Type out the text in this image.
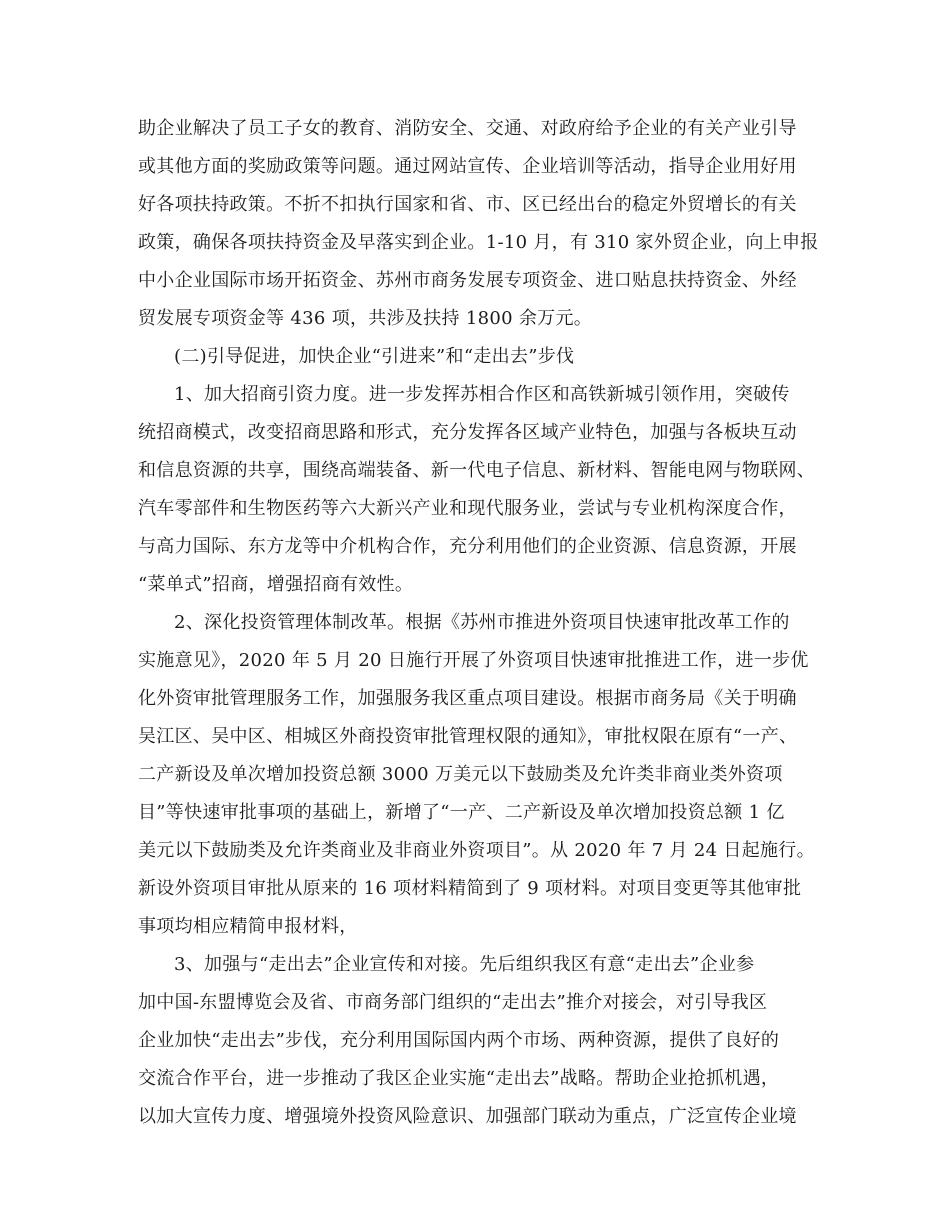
助企业解决了员工子女的教育、消防安全、交通、对政府给予企业的有关产业引导
或其他方面的奖励政策等问题。通过网站宣传、企业培训等活动，指导企业用好用
好各项扶持政策。不折不扣执行国家和省、市、区已经出台的稳定外贸增长的有关
政策，确保各项扶持资金及早落实到企业。1-10 月，有 310 家外贸企业，向上申报
中小企业国际市场开拓资金、苏州市商务发展专项资金、进口贴息扶持资金、外经
贸发展专项资金等 436 项，共涉及扶持 1800 余万元。
(二)引导促进，加快企业“引进来”和“走出去”步伐
1、加大招商引资力度。进一步发挥苏相合作区和高铁新城引领作用，突破传
统招商模式，改变招商思路和形式，充分发挥各区域产业特色，加强与各板块互动
和信息资源的共享，围绕高端装备、新一代电子信息、新材料、智能电网与物联网、
汽车零部件和生物医药等六大新兴产业和现代服务业，尝试与专业机构深度合作，
与高力国际、东方龙等中介机构合作，充分利用他们的企业资源、信息资源，开展
“菜单式”招商，增强招商有效性。
2、深化投资管理体制改革。根据《苏州市推进外资项目快速审批改革工作的
实施意见》，2020 年 5 月 20 日施行开展了外资项目快速审批推进工作，进一步优
化外资审批管理服务工作，加强服务我区重点项目建设。根据市商务局《关于明确
吴江区、吴中区、相城区外商投资审批管理权限的通知》，审批权限在原有“一产、
二产新设及单次增加投资总额 3000 万美元以下鼓励类及允许类非商业类外资项
目”等快速审批事项的基础上，新增了“一产、二产新设及单次增加投资总额 1 亿
美元以下鼓励类及允许类商业及非商业外资项目”。从 2020 年 7 月 24 日起施行。
新设外资项目审批从原来的 16 项材料精简到了 9 项材料。对项目变更等其他审批
事项均相应精简申报材料，
3、加强与“走出去”企业宣传和对接。先后组织我区有意“走出去”企业参
加中国-东盟博览会及省、市商务部门组织的“走出去”推介对接会，对引导我区
企业加快“走出去”步伐，充分利用国际国内两个市场、两种资源，提供了良好的
交流合作平台，进一步推动了我区企业实施“走出去”战略。帮助企业抢抓机遇，
以加大宣传力度、增强境外投资风险意识、加强部门联动为重点，广泛宣传企业境
